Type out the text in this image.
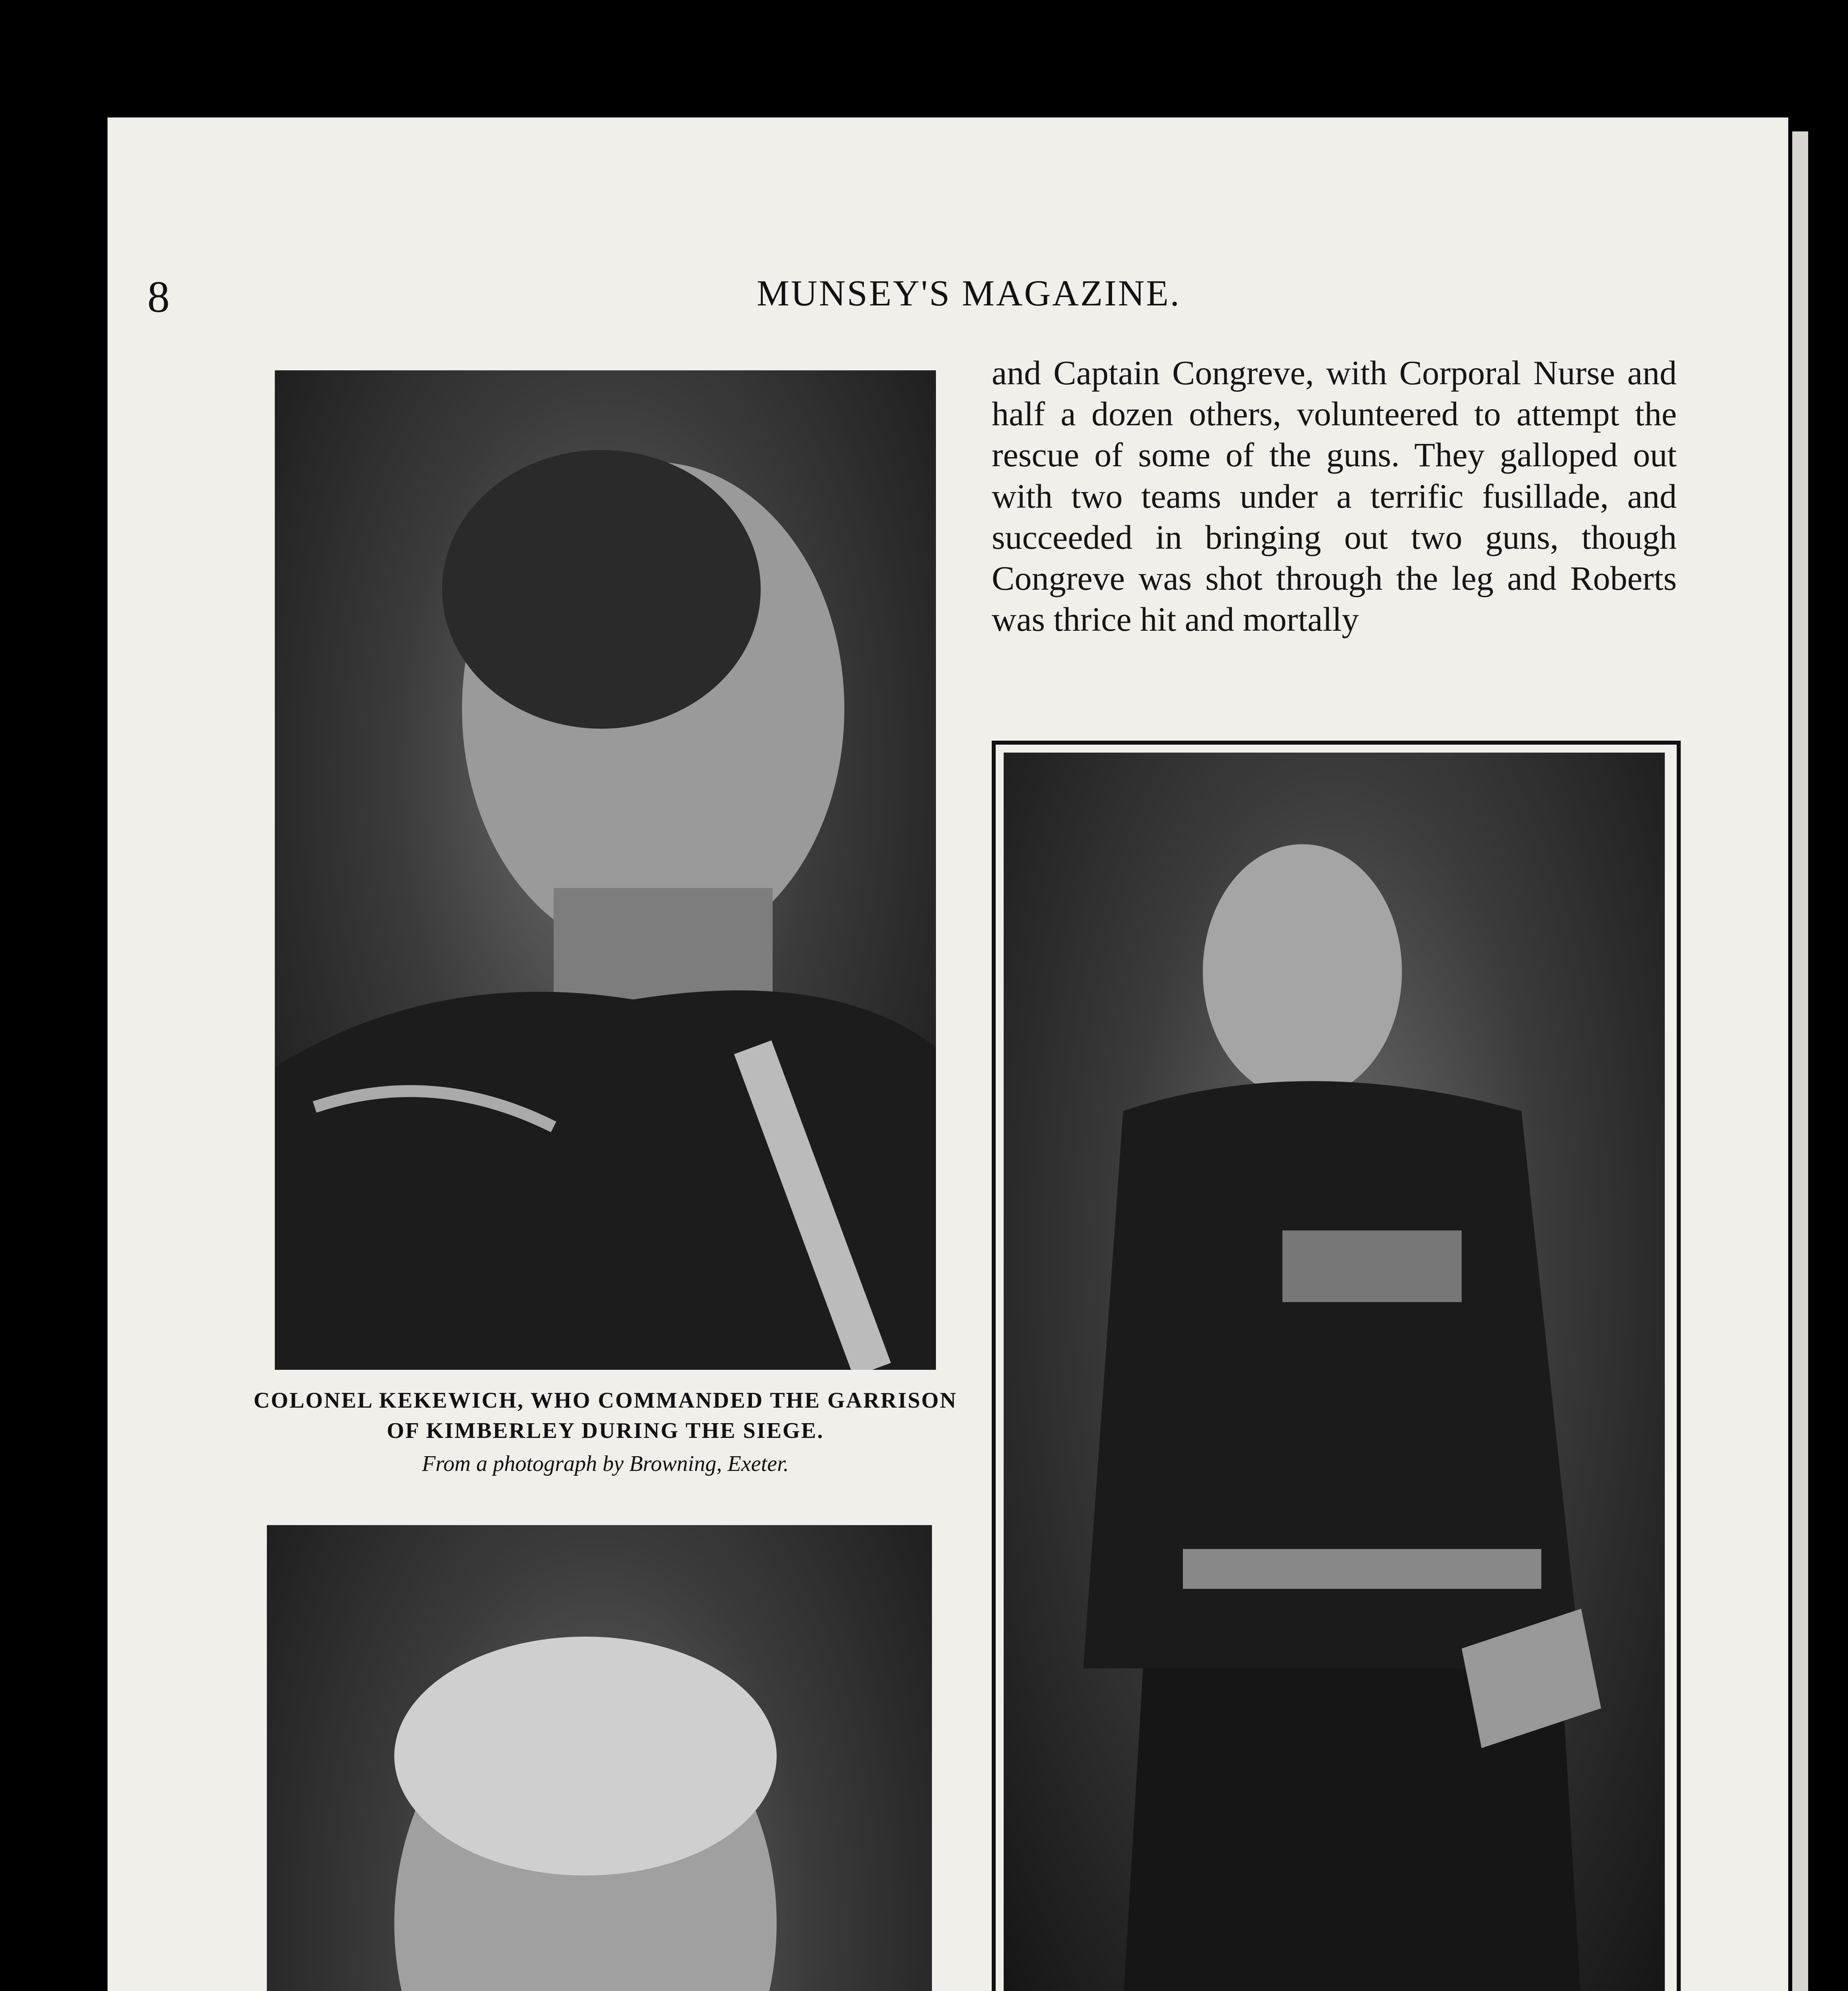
8	MUNSEY'S MAGAZINE.
COLONEL KEKEWICH, WHO COMMANDED THE GARRISON
OF KIMBERLEY DURING THE SIEGE.
From a photograph by Browning, Exeter.

and Captain Congreve, with Corporal Nurse and half a dozen others, volunteered to attempt the rescue of some of the guns. They galloped out with two teams under a terrific fusillade, and succeeded in bringing out two guns, though Congreve was shot through the leg and Roberts was thrice hit and mortally
